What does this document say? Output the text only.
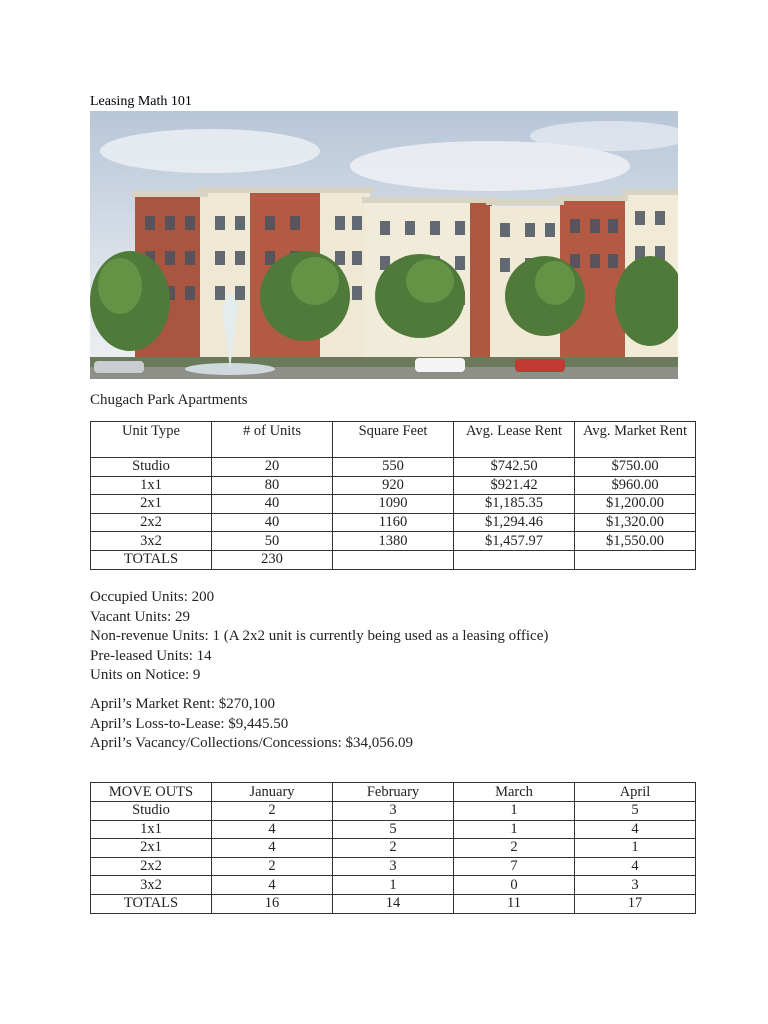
Leasing Math 101
Chugach Park Apartments
Unit Type	# of Units	Square Feet	Avg. Lease Rent	Avg. Market Rent
Studio	20	550	$742.50	$750.00
1x1	80	920	$921.42	$960.00
2x1	40	1090	$1,185.35	$1,200.00
2x2	40	1160	$1,294.46	$1,320.00
3x2	50	1380	$1,457.97	$1,550.00
TOTALS	230			
Occupied Units: 200
Vacant Units: 29
Non-revenue Units: 1 (A 2x2 unit is currently being used as a leasing office)
Pre-leased Units: 14
Units on Notice: 9
April’s Market Rent: $270,100
April’s Loss-to-Lease: $9,445.50
April’s Vacancy/Collections/Concessions: $34,056.09
MOVE OUTS	January	February	March	April
Studio	2	3	1	5
1x1	4	5	1	4
2x1	4	2	2	1
2x2	2	3	7	4
3x2	4	1	0	3
TOTALS	16	14	11	17
